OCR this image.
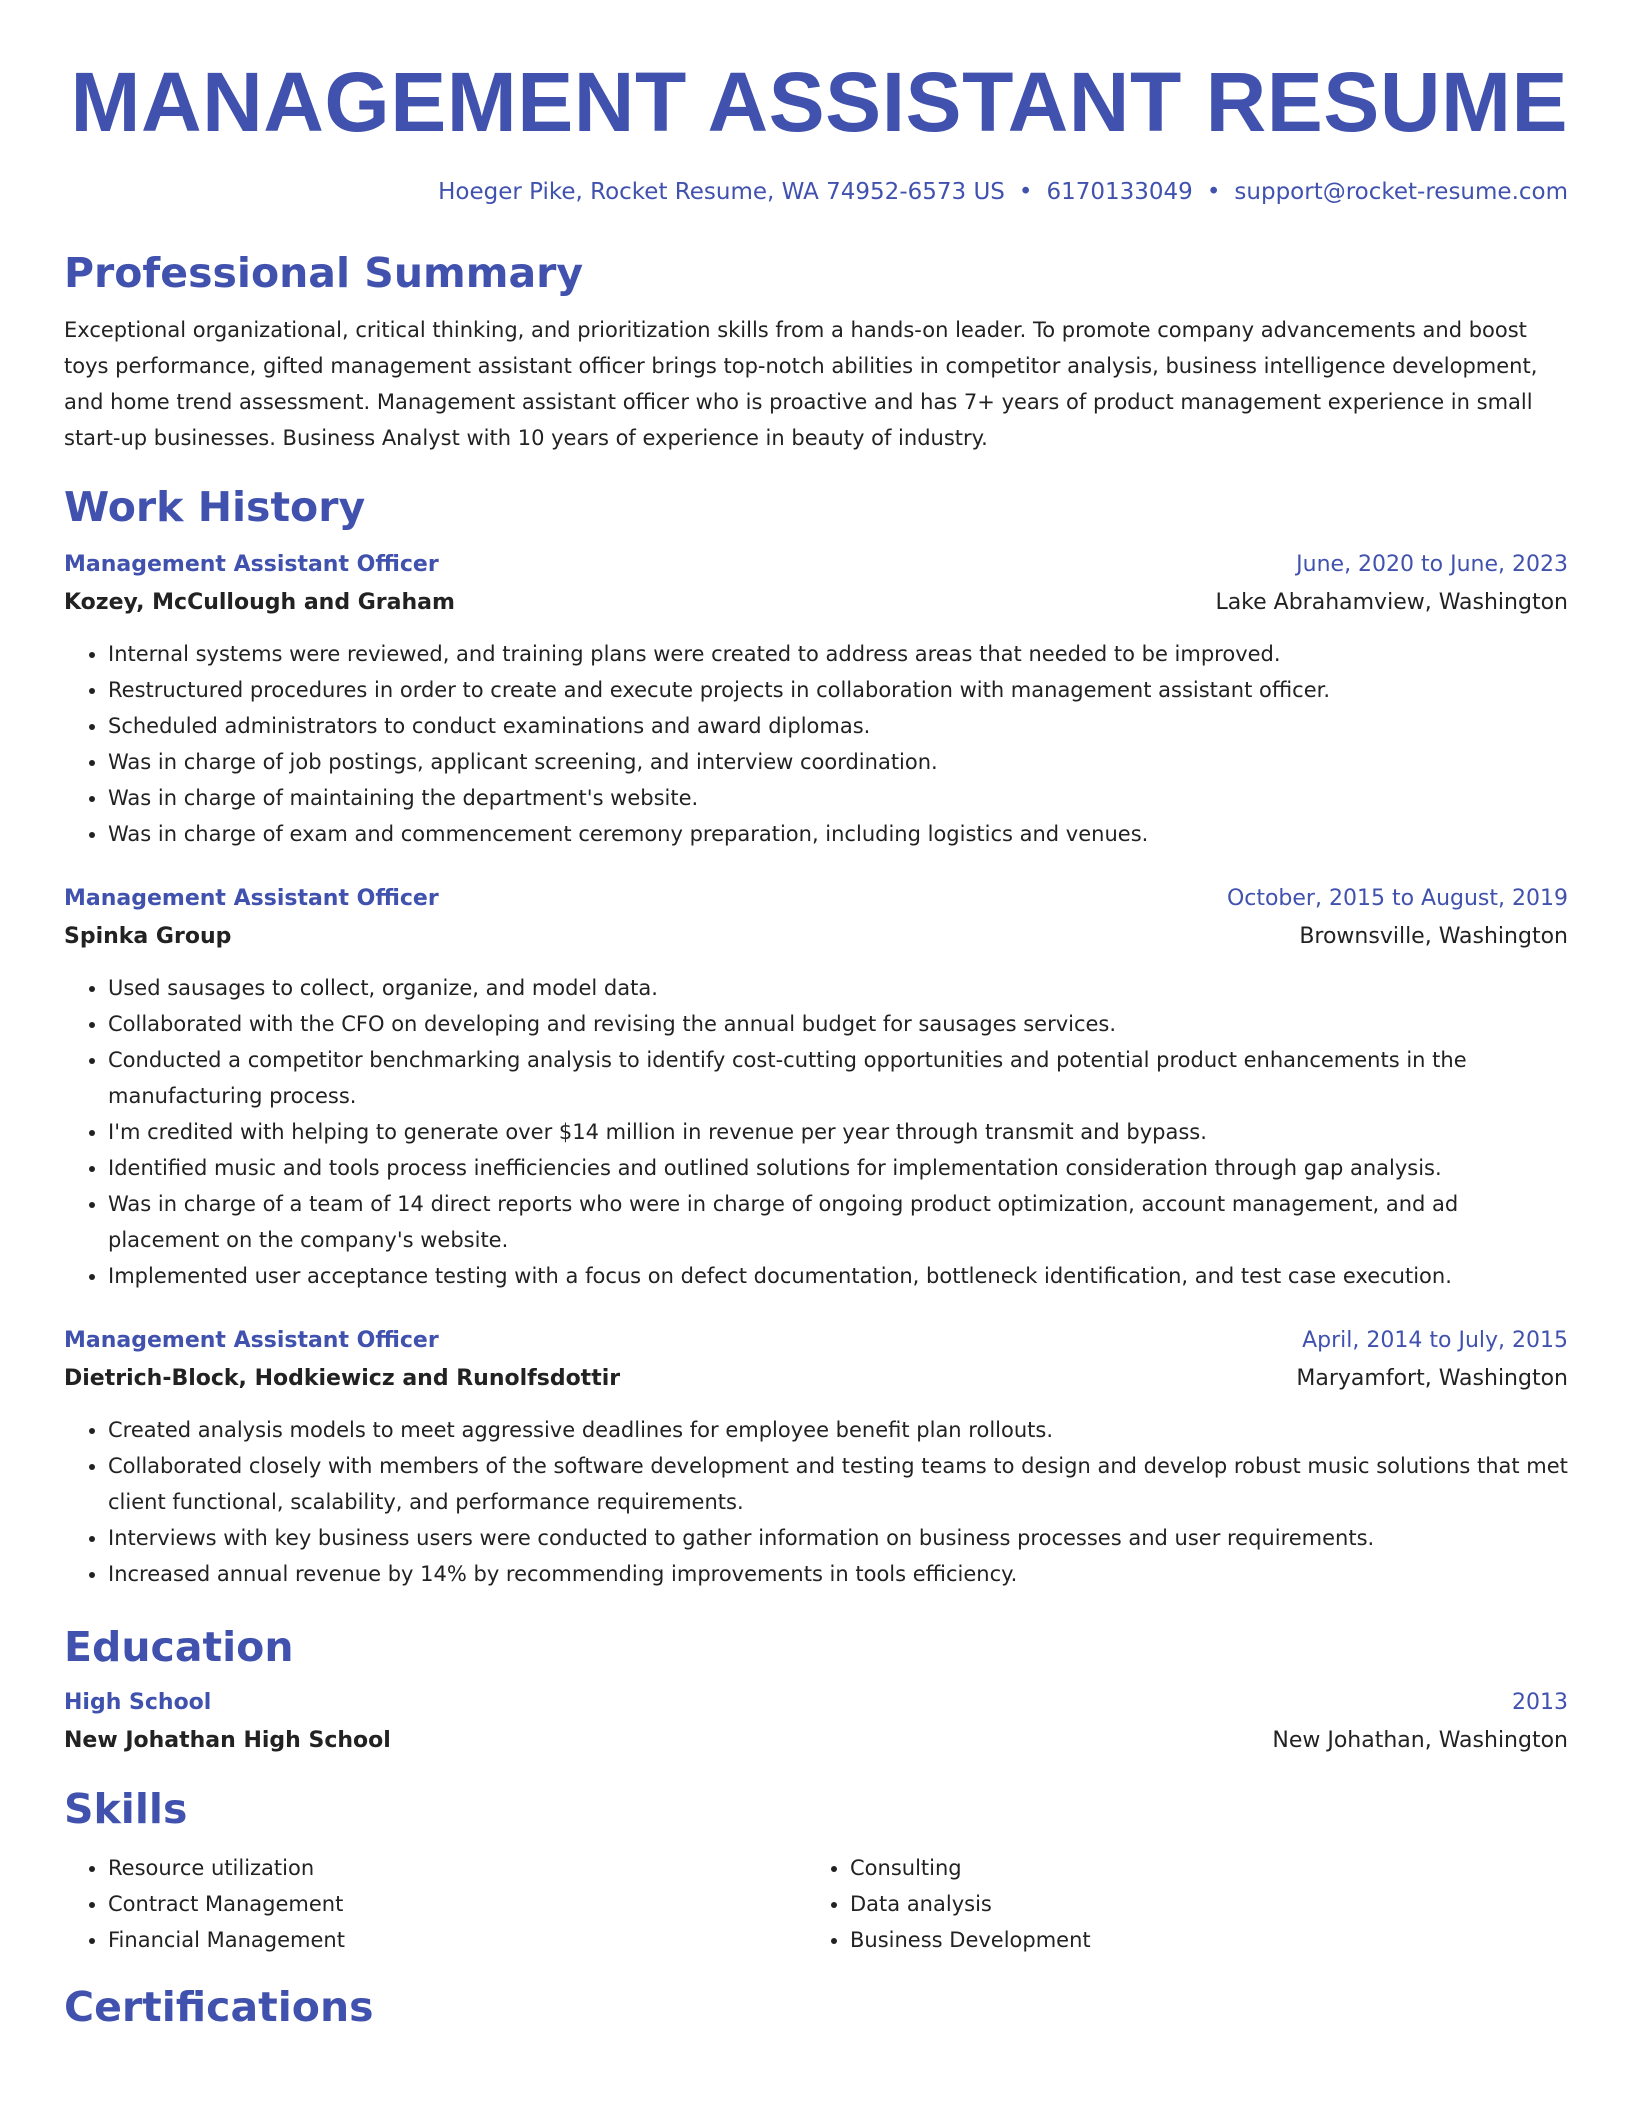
MANAGEMENT ASSISTANT RESUME
Hoeger Pike, Rocket Resume, WA 74952-6573 US • 6170133049 • support@rocket-resume.com
Professional Summary

Exceptional organizational, critical thinking, and prioritization skills from a hands-on leader. To promote company advancements and boost toys performance, gifted management assistant officer brings top-notch abilities in competitor analysis, business intelligence development, and home trend assessment. Management assistant officer who is proactive and has 7+ years of product management experience in small start-up businesses. Business Analyst with 10 years of experience in beauty of industry.

Work History
Management Assistant Officer	June, 2020 to June, 2023
Kozey, McCullough and Graham	Lake Abrahamview, Washington
• Internal systems were reviewed, and training plans were created to address areas that needed to be improved.
• Restructured procedures in order to create and execute projects in collaboration with management assistant officer.
• Scheduled administrators to conduct examinations and award diplomas.
• Was in charge of job postings, applicant screening, and interview coordination.
• Was in charge of maintaining the department's website.
• Was in charge of exam and commencement ceremony preparation, including logistics and venues.
Management Assistant Officer	October, 2015 to August, 2019
Spinka Group	Brownsville, Washington
• Used sausages to collect, organize, and model data.
• Collaborated with the CFO on developing and revising the annual budget for sausages services.
• Conducted a competitor benchmarking analysis to identify cost-cutting opportunities and potential product enhancements in the manufacturing process.
• I'm credited with helping to generate over $14 million in revenue per year through transmit and bypass.
• Identified music and tools process inefficiencies and outlined solutions for implementation consideration through gap analysis.
• Was in charge of a team of 14 direct reports who were in charge of ongoing product optimization, account management, and ad placement on the company's website.
• Implemented user acceptance testing with a focus on defect documentation, bottleneck identification, and test case execution.
Management Assistant Officer	April, 2014 to July, 2015
Dietrich-Block, Hodkiewicz and Runolfsdottir	Maryamfort, Washington
• Created analysis models to meet aggressive deadlines for employee benefit plan rollouts.
• Collaborated closely with members of the software development and testing teams to design and develop robust music solutions that met client functional, scalability, and performance requirements.
• Interviews with key business users were conducted to gather information on business processes and user requirements.
• Increased annual revenue by 14% by recommending improvements in tools efficiency.
Education
High School	2013
New Johathan High School	New Johathan, Washington
Skills
• Resource utilization
• Contract Management
• Financial Management
• Consulting
• Data analysis
• Business Development
Certifications
